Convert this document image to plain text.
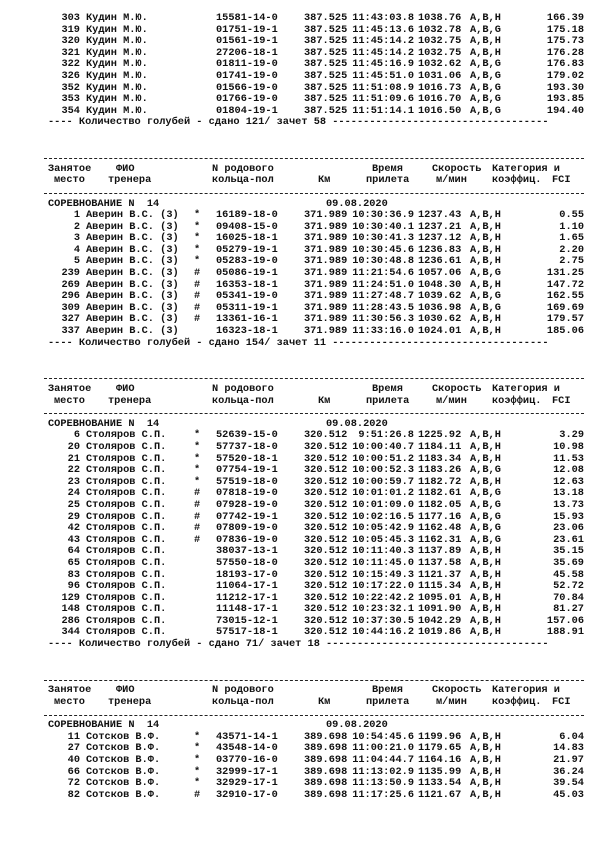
303 Кудин М.Ю.	15581-14-0	387.525 11:43:03.8 1038.76 A,B,H	166.39
319 Кудин М.Ю.	01751-19-1	387.525 11:45:13.6 1032.78 A,B,G	175.18
320 Кудин М.Ю.	01561-19-1	387.525 11:45:14.2 1032.75 A,B,H	175.73
321 Кудин М.Ю.	27206-18-1	387.525 11:45:14.2 1032.75 A,B,H	176.28
322 Кудин М.Ю.	01811-19-0	387.525 11:45:16.9 1032.62 A,B,G	176.83
326 Кудин М.Ю.	01741-19-0	387.525 11:45:51.0 1031.06 A,B,G	179.02
352 Кудин М.Ю.	01566-19-0	387.525 11:51:08.9 1016.73 A,B,G	193.30
353 Кудин М.Ю.	01766-19-0	387.525 11:51:09.6 1016.70 A,B,G	193.85
354 Кудин М.Ю.	01804-19-1	387.525 11:51:14.1 1016.50 A,B,G	194.40
---- Количество голубей - сдано 121/ зачет 58 -----------------------------------
Занятое ФИО	N родового	Время	Скорость Категория и
место тренера	кольца-пол	Км	прилета	м/мин коэффиц. FCI
СОРЕВНОВАНИЕ N  14	09.08.2020
1 Аверин В.С. (3) * 16189-18-0	371.989 10:30:36.9 1237.43 A,B,H	0.55
2 Аверин В.С. (3) * 09408-15-0	371.989 10:30:40.1 1237.21 A,B,H	1.10
3 Аверин В.С. (3) * 16025-18-1	371.989 10:30:41.3 1237.12 A,B,H	1.65
4 Аверин В.С. (3) * 05279-19-1	371.989 10:30:45.6 1236.83 A,B,H	2.20
5 Аверин В.С. (3) * 05283-19-0	371.989 10:30:48.8 1236.61 A,B,H	2.75
239 Аверин В.С. (3) # 05086-19-1	371.989 11:21:54.6 1057.06 A,B,G	131.25
269 Аверин В.С. (3) # 16353-18-1	371.989 11:24:51.0 1048.30 A,B,H	147.72
296 Аверин В.С. (3) # 05341-19-0	371.989 11:27:48.7 1039.62 A,B,G	162.55
309 Аверин В.С. (3) # 05311-19-1	371.989 11:28:43.5 1036.98 A,B,G	169.69
327 Аверин В.С. (3) # 13361-16-1	371.989 11:30:56.3 1030.62 A,B,H	179.57
337 Аверин В.С. (3)	16323-18-1	371.989 11:33:16.0 1024.01 A,B,H	185.06
---- Количество голубей - сдано 154/ зачет 11 -----------------------------------
Занятое ФИО	N родового	Время	Скорость Категория и
место тренера	кольца-пол	Км	прилета	м/мин коэффиц. FCI
СОРЕВНОВАНИЕ N  14	09.08.2020
6 Столяров С.П.	* 52639-15-0	320.512 9:51:26.8 1225.92 A,B,H	3.29
20 Столяров С.П.	* 57737-18-0	320.512 10:00:40.7 1184.11 A,B,H	10.98
21 Столяров С.П.	* 57520-18-1	320.512 10:00:51.2 1183.34 A,B,H	11.53
22 Столяров С.П.	* 07754-19-1	320.512 10:00:52.3 1183.26 A,B,G	12.08
23 Столяров С.П.	* 57519-18-0	320.512 10:00:59.7 1182.72 A,B,H	12.63
24 Столяров С.П.	# 07818-19-0	320.512 10:01:01.2 1182.61 A,B,G	13.18
25 Столяров С.П.	# 07928-19-0	320.512 10:01:09.0 1182.05 A,B,G	13.73
29 Столяров С.П.	# 07742-19-1	320.512 10:02:16.5 1177.16 A,B,G	15.93
42 Столяров С.П.	# 07809-19-0	320.512 10:05:42.9 1162.48 A,B,G	23.06
43 Столяров С.П.	# 07836-19-0	320.512 10:05:45.3 1162.31 A,B,G	23.61
64 Столяров С.П.	38037-13-1	320.512 10:11:40.3 1137.89 A,B,H	35.15
65 Столяров С.П.	57550-18-0	320.512 10:11:45.0 1137.58 A,B,H	35.69
83 Столяров С.П.	18193-17-0	320.512 10:15:49.3 1121.37 A,B,H	45.58
96 Столяров С.П.	11064-17-1	320.512 10:17:22.0 1115.34 A,B,H	52.72
129 Столяров С.П.	11212-17-1	320.512 10:22:42.2 1095.01 A,B,H	70.84
148 Столяров С.П.	11148-17-1	320.512 10:23:32.1 1091.90 A,B,H	81.27
286 Столяров С.П.	73015-12-1	320.512 10:37:30.5 1042.29 A,B,H	157.06
344 Столяров С.П.	57517-18-1	320.512 10:44:16.2 1019.86 A,B,H	188.91
---- Количество голубей - сдано 71/ зачет 18 ------------------------------------
Занятое ФИО	N родового	Время	Скорость Категория и
место тренера	кольца-пол	Км	прилета	м/мин коэффиц. FCI
СОРЕВНОВАНИЕ N  14	09.08.2020
11 Сотсков В.Ф.	* 43571-14-1	389.698 10:54:45.6 1199.96 A,B,H	6.04
27 Сотсков В.Ф.	* 43548-14-0	389.698 11:00:21.0 1179.65 A,B,H	14.83
40 Сотсков В.Ф.	* 03770-16-0	389.698 11:04:44.7 1164.16 A,B,H	21.97
66 Сотсков В.Ф.	* 32999-17-1	389.698 11:13:02.9 1135.99 A,B,H	36.24
72 Сотсков В.Ф.	* 32929-17-1	389.698 11:13:50.9 1133.54 A,B,H	39.54
82 Сотсков В.Ф.	# 32910-17-0	389.698 11:17:25.6 1121.67 A,B,H	45.03
